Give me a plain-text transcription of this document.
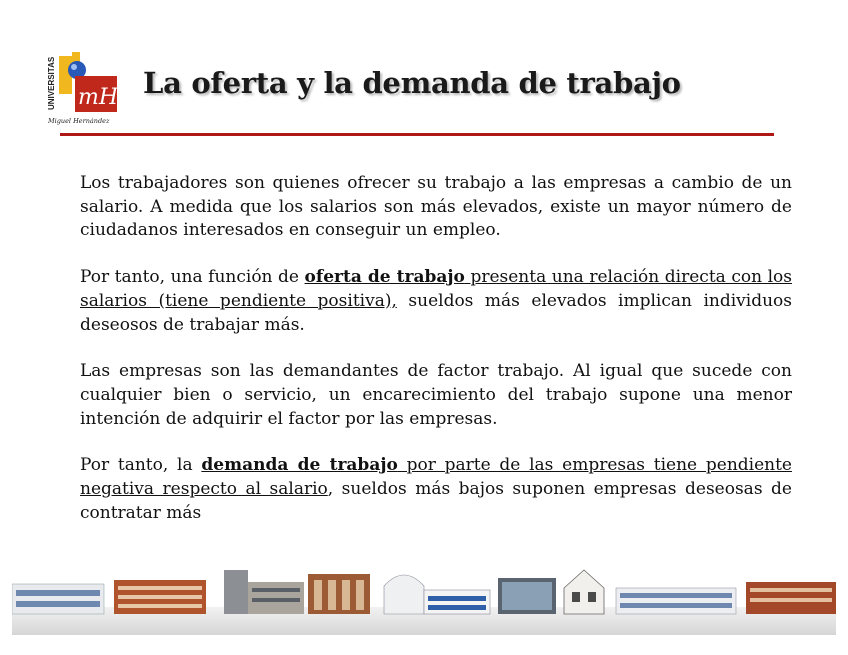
UNIVERSITAS mH
Miguel Hernández
La oferta y la demanda de trabajo

Los trabajadores son quienes ofrecer su trabajo a las empresas a cambio de un salario. A medida que los salarios son más elevados, existe un mayor número de ciudadanos interesados en conseguir un empleo.

Por tanto, una función de oferta de trabajo presenta una relación directa con los salarios (tiene pendiente positiva), sueldos más elevados implican individuos deseosos de trabajar más.

Las empresas son las demandantes de factor trabajo. Al igual que sucede con cualquier bien o servicio, un encarecimiento del trabajo supone una menor intención de adquirir el factor por las empresas.

Por tanto, la demanda de trabajo por parte de las empresas tiene pendiente negativa respecto al salario, sueldos más bajos suponen empresas deseosas de contratar más
